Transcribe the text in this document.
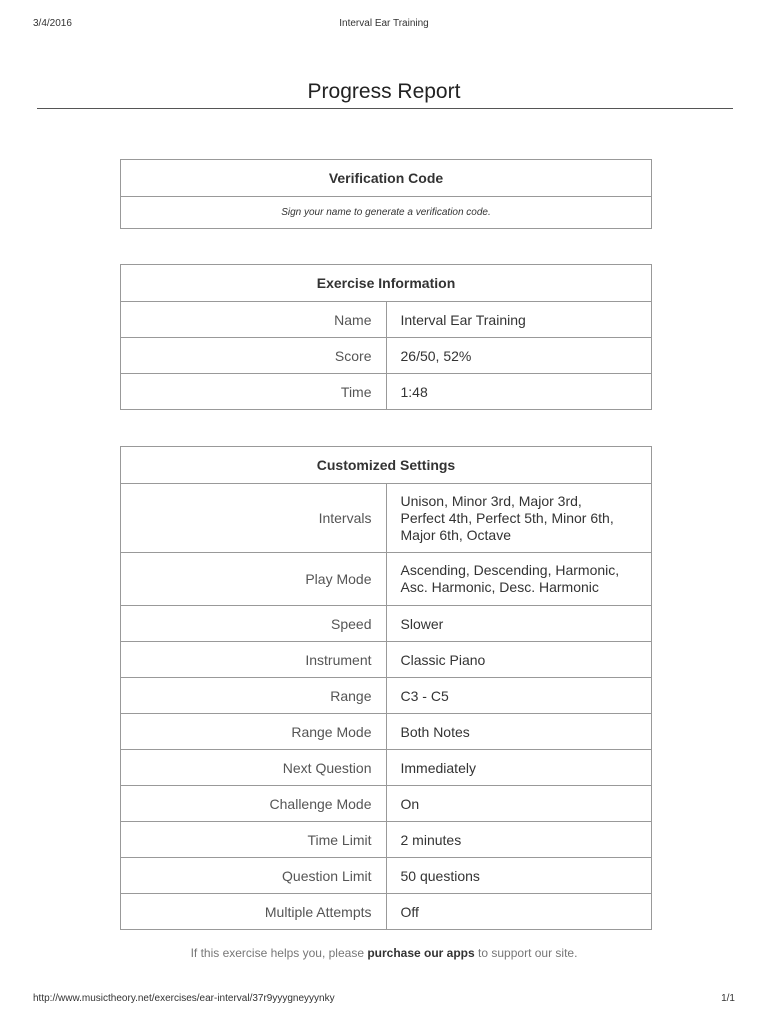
3/4/2016	Interval Ear Training
Progress Report
Verification Code
Sign your name to generate a verification code.
Exercise Information	
Name	Interval Ear Training
Score	26/50, 52%
Time	1:48
Customized Settings	
Intervals	Unison, Minor 3rd, Major 3rd,
Perfect 4th, Perfect 5th, Minor 6th,
Major 6th, Octave

Play Mode	Ascending, Descending, Harmonic,
Asc. Harmonic, Desc. Harmonic

Speed	Slower
Instrument	Classic Piano
Range	C3 - C5
Range Mode	Both Notes
Next Question	Immediately
Challenge Mode	On
Time Limit	2 minutes
Question Limit	50 questions
Multiple Attempts	Off
If this exercise helps you, please purchase our apps to support our site.
http://www.musictheory.net/exercises/ear-interval/37r9yyygneyyynky	1/1
